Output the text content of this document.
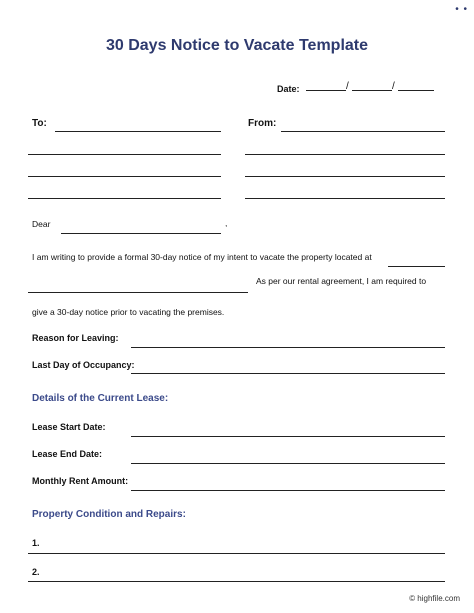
• •
30 Days Notice to Vacate Template
Date:	/	/
To:	From:
Dear	,
I am writing to provide a formal 30-day notice of my intent to vacate the property located at
As per our rental agreement, I am required to
give a 30-day notice prior to vacating the premises.
Reason for Leaving:
Last Day of Occupancy:
Details of the Current Lease:
Lease Start Date:
Lease End Date:
Monthly Rent Amount:
Property Condition and Repairs:
1.
2.
© highfile.com
